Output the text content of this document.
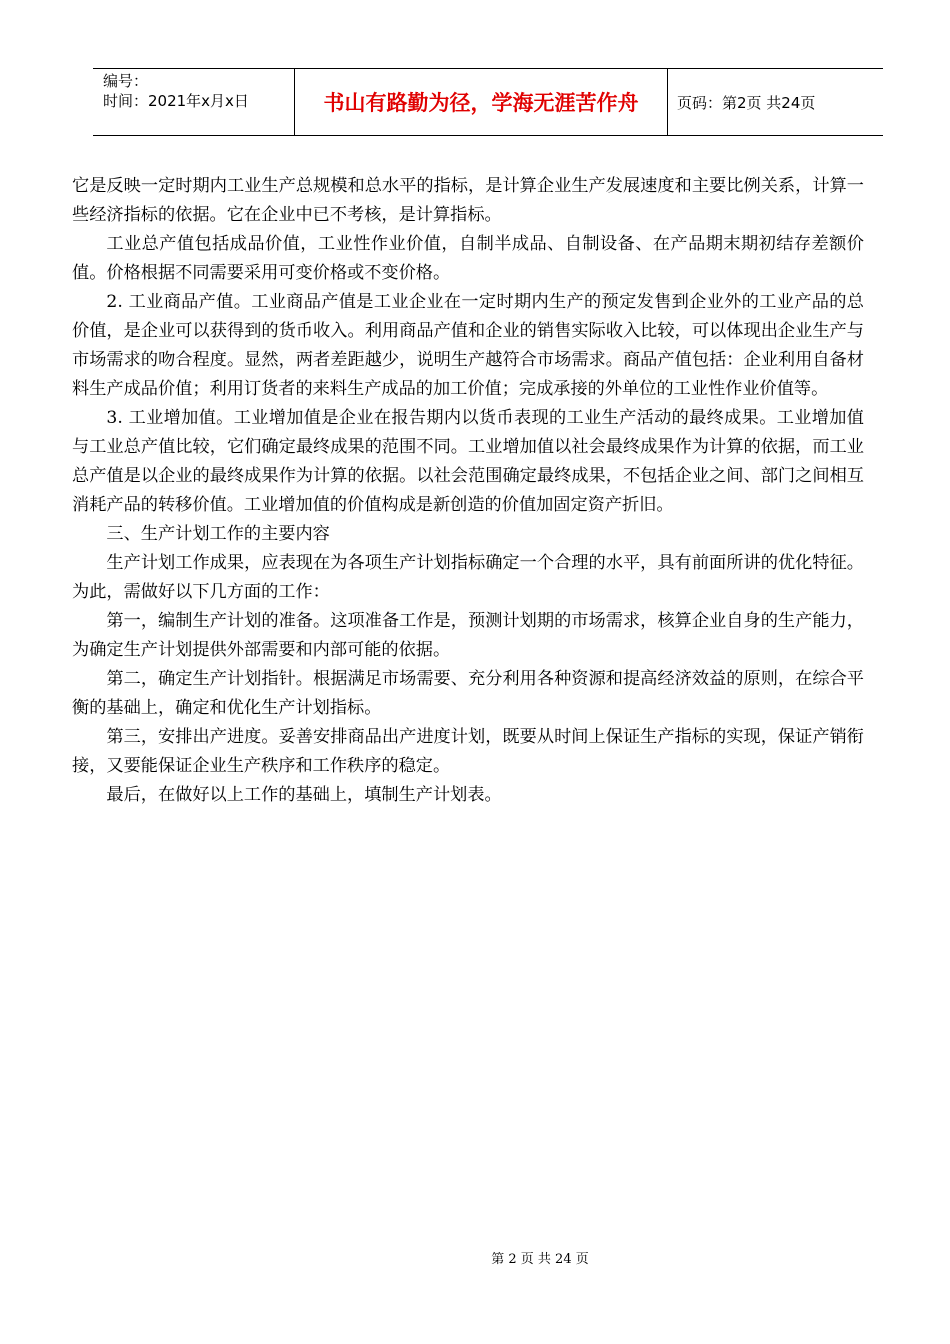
编号：
时间：2021年x月x日	书山有路勤为径，学海无涯苦作舟	页码：第2页 共24页

它是反映一定时期内工业生产总规模和总水平的指标，是计算企业生产发展速度和主要比例关系，计算一些经济指标的依据。它在企业中已不考核，是计算指标。

工业总产值包括成品价值，工业性作业价值，自制半成品、自制设备、在产品期末期初结存差额价值。价格根据不同需要采用可变价格或不变价格。

2. 工业商品产值。工业商品产值是工业企业在一定时期内生产的预定发售到企业外的工业产品的总价值，是企业可以获得到的货币收入。利用商品产值和企业的销售实际收入比较，可以体现出企业生产与市场需求的吻合程度。显然，两者差距越少，说明生产越符合市场需求。商品产值包括：企业利用自备材料生产成品价值；利用订货者的来料生产成品的加工价值；完成承接的外单位的工业性作业价值等。

3. 工业增加值。工业增加值是企业在报告期内以货币表现的工业生产活动的最终成果。工业增加值与工业总产值比较，它们确定最终成果的范围不同。工业增加值以社会最终成果作为计算的依据，而工业总产值是以企业的最终成果作为计算的依据。以社会范围确定最终成果，不包括企业之间、部门之间相互消耗产品的转移价值。工业增加值的价值构成是新创造的价值加固定资产折旧。

三、生产计划工作的主要内容

生产计划工作成果，应表现在为各项生产计划指标确定一个合理的水平，具有前面所讲的优化特征。为此，需做好以下几方面的工作：

第一，编制生产计划的准备。这项准备工作是，预测计划期的市场需求，核算企业自身的生产能力，为确定生产计划提供外部需要和内部可能的依据。

第二，确定生产计划指针。根据满足市场需要、充分利用各种资源和提高经济效益的原则，在综合平衡的基础上，确定和优化生产计划指标。

第三，安排出产进度。妥善安排商品出产进度计划，既要从时间上保证生产指标的实现，保证产销衔接，又要能保证企业生产秩序和工作秩序的稳定。

最后，在做好以上工作的基础上，填制生产计划表。

第 2 页 共 24 页
